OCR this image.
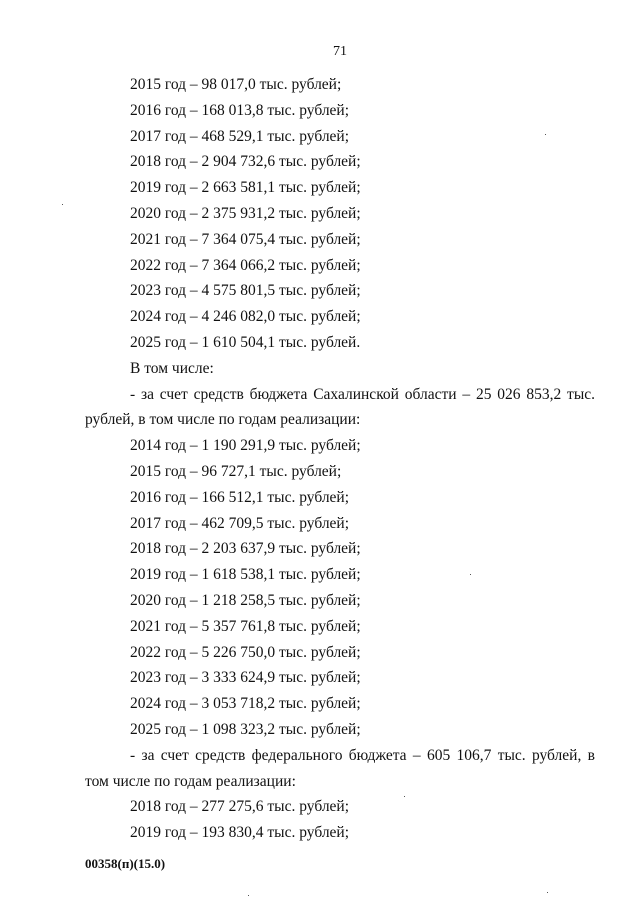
71
2015 год – 98 017,0 тыс. рублей;
2016 год – 168 013,8 тыс. рублей;
2017 год – 468 529,1 тыс. рублей;
2018 год – 2 904 732,6 тыс. рублей;
2019 год – 2 663 581,1 тыс. рублей;
2020 год – 2 375 931,2 тыс. рублей;
2021 год – 7 364 075,4 тыс. рублей;
2022 год – 7 364 066,2 тыс. рублей;
2023 год – 4 575 801,5 тыс. рублей;
2024 год – 4 246 082,0 тыс. рублей;
2025 год – 1 610 504,1 тыс. рублей.
В том числе:
- за счет средств бюджета Сахалинской области – 25 026 853,2 тыс. рублей, в том числе по годам реализации:
2014 год – 1 190 291,9 тыс. рублей;
2015 год – 96 727,1 тыс. рублей;
2016 год – 166 512,1 тыс. рублей;
2017 год – 462 709,5 тыс. рублей;
2018 год – 2 203 637,9 тыс. рублей;
2019 год – 1 618 538,1 тыс. рублей;
2020 год – 1 218 258,5 тыс. рублей;
2021 год – 5 357 761,8 тыс. рублей;
2022 год – 5 226 750,0 тыс. рублей;
2023 год – 3 333 624,9 тыс. рублей;
2024 год – 3 053 718,2 тыс. рублей;
2025 год – 1 098 323,2 тыс. рублей;
- за счет средств федерального бюджета – 605 106,7 тыс. рублей, в том числе по годам реализации:
2018 год – 277 275,6 тыс. рублей;
2019 год – 193 830,4 тыс. рублей;
00358(п)(15.0)
